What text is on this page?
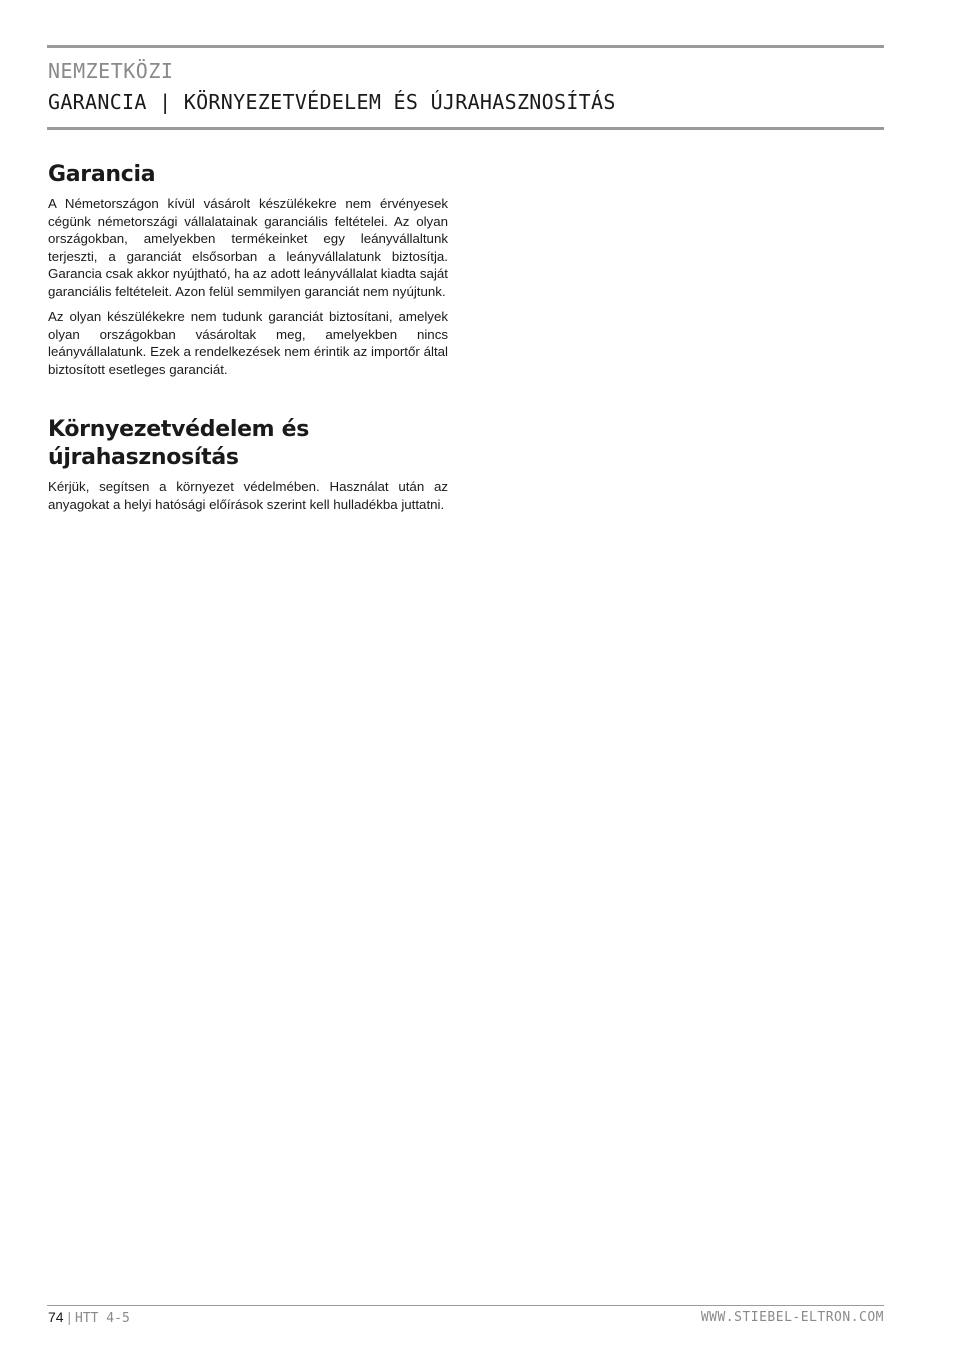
NEMZETKÖZI
GARANCIA | KÖRNYEZETVÉDELEM ÉS ÚJRAHASZNOSÍTÁS
Garancia

A Németországon kívül vásárolt készülékekre nem érvényesek cégünk németországi vállalatainak garanciális feltételei. Az olyan országokban, amelyekben termékeinket egy leányvállaltunk terjeszti, a garanciát elsősorban a leányvállalatunk biztosítja. Garancia csak akkor nyújtható, ha az adott leányvállalat kiadta saját garanciális feltételeit. Azon felül semmilyen garanciát nem nyújtunk.

Az olyan készülékekre nem tudunk garanciát biztosítani, amelyek olyan országokban vásároltak meg, amelyekben nincs leányvállalatunk. Ezek a rendelkezések nem érintik az importőr által biztosított esetleges garanciát.

Környezetvédelem és
újrahasznosítás

Kérjük, segítsen a környezet védelmében. Használat után az anyagokat a helyi hatósági előírások szerint kell hulladékba juttatni.

74 | HTT 4-5	WWW.STIEBEL-ELTRON.COM
